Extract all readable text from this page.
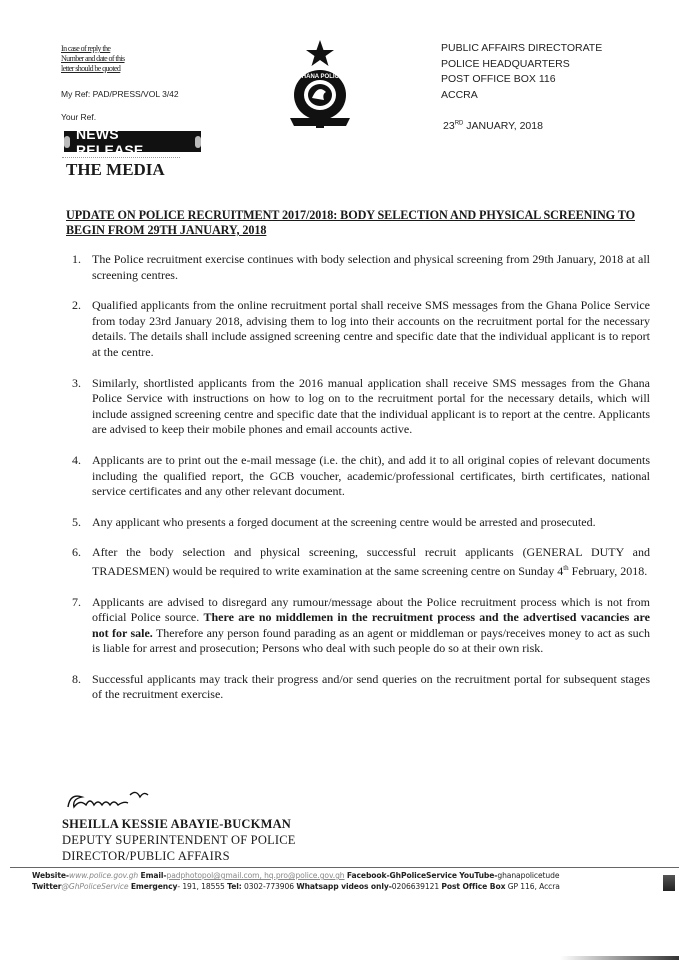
In case of reply the
Number and date of this
letter should be quoted
My Ref: PAD/PRESS/VOL 3/42
Your Ref.
NEWS RELEASE
THE MEDIA
GHANA POLICE
PUBLIC AFFAIRS DIRECTORATE
POLICE HEADQUARTERS
POST OFFICE BOX 116
ACCRA
23RD JANUARY, 2018
UPDATE ON POLICE RECRUITMENT 2017/2018: BODY SELECTION AND PHYSICAL SCREENING TO BEGIN FROM 29TH JANUARY, 2018
1. The Police recruitment exercise continues with body selection and physical screening from 29th January, 2018 at all screening centres.
2. Qualified applicants from the online recruitment portal shall receive SMS messages from the Ghana Police Service from today 23rd January 2018, advising them to log into their accounts on the recruitment portal for the necessary details. The details shall include assigned screening centre and specific date that the individual applicant is to report at the centre.
3. Similarly, shortlisted applicants from the 2016 manual application shall receive SMS messages from the Ghana Police Service with instructions on how to log on to the recruitment portal for the necessary details, which will include assigned screening centre and specific date that the individual applicant is to report at the centre. Applicants are advised to keep their mobile phones and email accounts active.
4. Applicants are to print out the e-mail message (i.e. the chit), and add it to all original copies of relevant documents including the qualified report, the GCB voucher, academic/professional certificates, birth certificates, national service certificates and any other relevant document.
5. Any applicant who presents a forged document at the screening centre would be arrested and prosecuted.
6. After the body selection and physical screening, successful recruit applicants (GENERAL DUTY and TRADESMEN) would be required to write examination at the same screening centre on Sunday 4th February, 2018.
7. Applicants are advised to disregard any rumour/message about the Police recruitment process which is not from official Police source. There are no middlemen in the recruitment process and the advertised vacancies are not for sale. Therefore any person found parading as an agent or middleman or pays/receives money to act as such is liable for arrest and prosecution; Persons who deal with such people do so at their own risk.
8. Successful applicants may track their progress and/or send queries on the recruitment portal for subsequent stages of the recruitment exercise.
SHEILLA KESSIE ABAYIE-BUCKMAN
DEPUTY SUPERINTENDENT OF POLICE
DIRECTOR/PUBLIC AFFAIRS
Website-www.police.gov.gh Email-padphotopol@gmail.com, hq.pro@police.gov.gh Facebook-GhPoliceService YouTube-ghanapolicetude
Twitter@GhPoliceService Emergency- 191, 18555 Tel: 0302-773906 Whatsapp videos only-0206639121 Post Office Box GP 116, Accra
